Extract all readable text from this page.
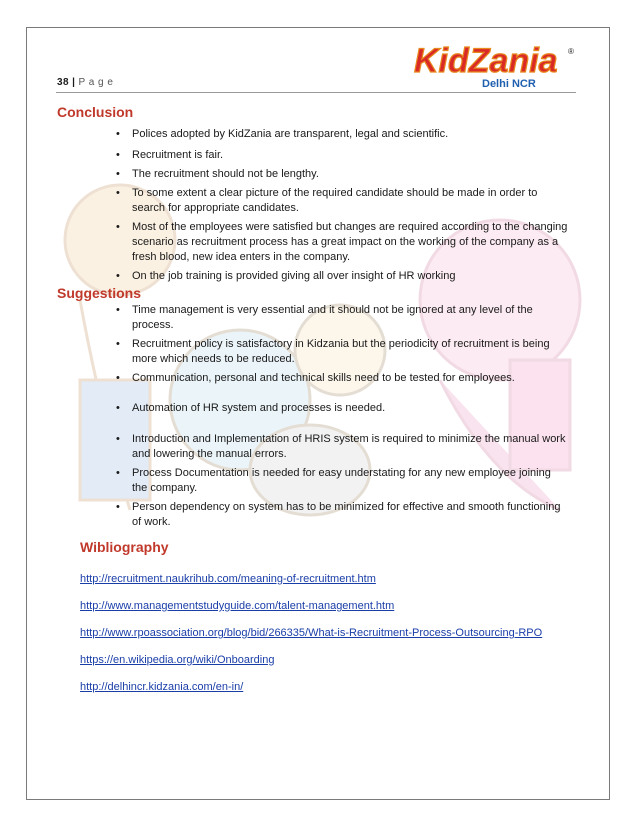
38 | P a g e
KidZania ®
Delhi NCR
Conclusion
• Polices adopted by KidZania are transparent, legal and scientific.
• Recruitment is fair.
• The recruitment should not be lengthy.
• To some extent a clear picture of the required candidate should be made in order to search for appropriate candidates.
• Most of the employees were satisfied but changes are required according to the changing scenario as recruitment process has a great impact on the working of the company as a fresh blood, new idea enters in the company.
• On the job training is provided giving all over insight of HR working
Suggestions
• Time management is very essential and it should not be ignored at any level of the process.
• Recruitment policy is satisfactory in Kidzania but the periodicity of recruitment is being more which needs to be reduced.
• Communication, personal and technical skills need to be tested for employees.
• Automation of HR system and processes is needed.
• Introduction and Implementation of HRIS system is required to minimize the manual work and lowering the manual errors.
• Process Documentation is needed for easy understating for any new employee joining the company.
• Person dependency on system has to be minimized for effective and smooth functioning of work.
Wibliography
http://recruitment.naukrihub.com/meaning-of-recruitment.htm
http://www.managementstudyguide.com/talent-management.htm
http://www.rpoassociation.org/blog/bid/266335/What-is-Recruitment-Process-Outsourcing-RPO
https://en.wikipedia.org/wiki/Onboarding
http://delhincr.kidzania.com/en-in/
